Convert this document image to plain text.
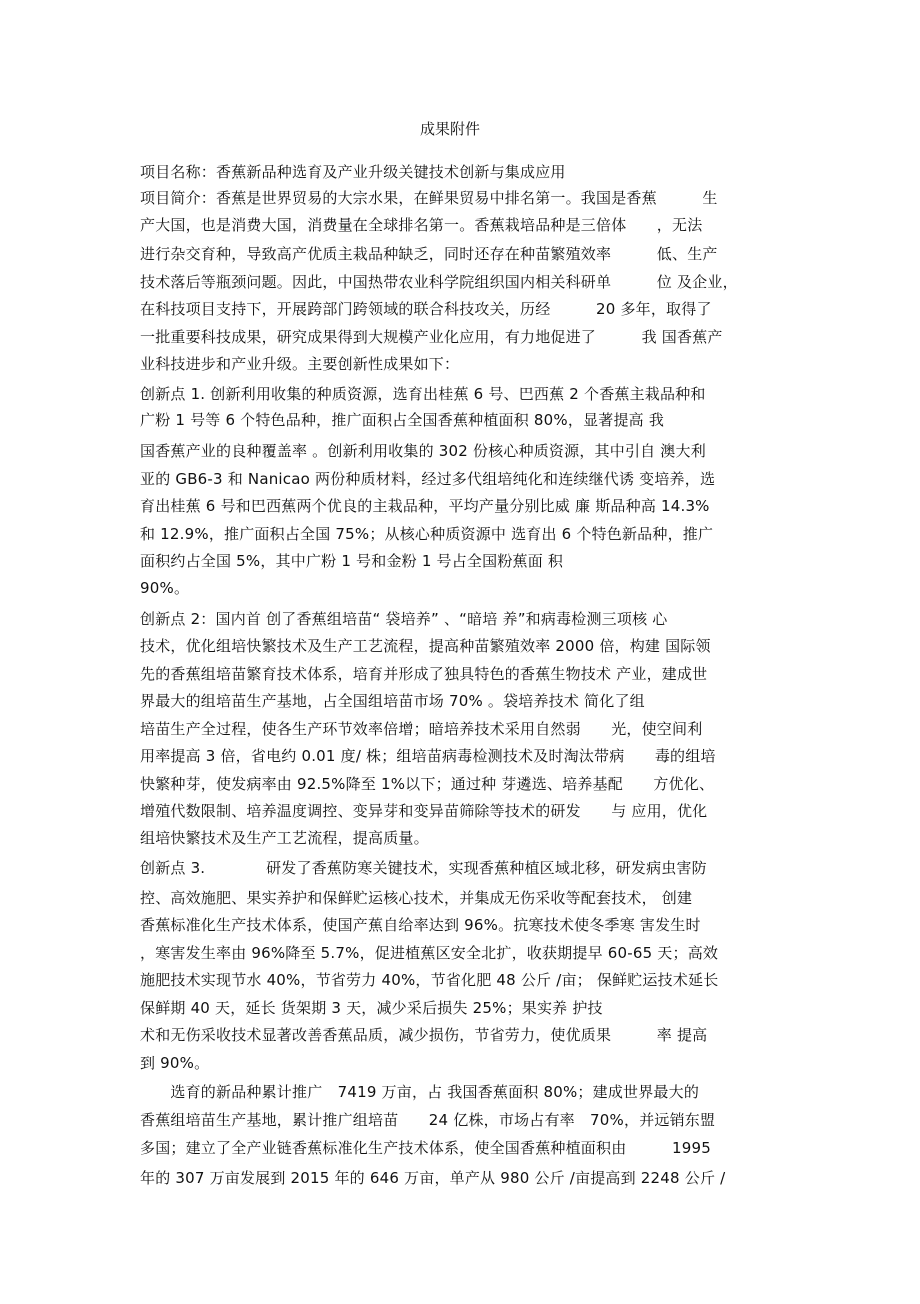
成果附件
项目名称：香蕉新品种选育及产业升级关键技术创新与集成应用
项目简介：香蕉是世界贸易的大宗水果，在鲜果贸易中排名第一。我国是香蕉　　　生
产大国，也是消费大国，消费量在全球排名第一。香蕉栽培品种是三倍体　　，无法
进行杂交育种，导致高产优质主栽品种缺乏，同时还存在种苗繁殖效率　　　低、生产
技术落后等瓶颈问题。因此，中国热带农业科学院组织国内相关科研单　　　位 及企业，
在科技项目支持下，开展跨部门跨领域的联合科技攻关，历经　　　20 多年，取得了
一批重要科技成果，研究成果得到大规模产业化应用，有力地促进了　　　我 国香蕉产
业科技进步和产业升级。主要创新性成果如下：
创新点 1. 创新利用收集的种质资源，选育出桂蕉 6 号、巴西蕉 2 个香蕉主栽品种和
广粉 1 号等 6 个特色品种，推广面积占全国香蕉种植面积 80%，显著提高 我
国香蕉产业的良种覆盖率 。创新利用收集的 302 份核心种质资源，其中引自 澳大利
亚的 GB6-3 和 Nanicao 两份种质材料，经过多代组培纯化和连续继代诱 变培养，选
育出桂蕉 6 号和巴西蕉两个优良的主栽品种，平均产量分别比威 廉 斯品种高 14.3%
和 12.9%，推广面积占全国 75%；从核心种质资源中 选育出 6 个特色新品种，推广
面积约占全国 5%，其中广粉 1 号和金粉 1 号占全国粉蕉面 积
90%。
创新点 2：国内首 创了香蕉组培苗“ 袋培养” 、“暗培 养”和病毒检测三项核 心
技术，优化组培快繁技术及生产工艺流程，提高种苗繁殖效率 2000 倍，构建 国际领
先的香蕉组培苗繁育技术体系，培育并形成了独具特色的香蕉生物技术 产业，建成世
界最大的组培苗生产基地，占全国组培苗市场 70% 。袋培养技术 简化了组
培苗生产全过程，使各生产环节效率倍增；暗培养技术采用自然弱　　光，使空间利
用率提高 3 倍，省电约 0.01 度/ 株；组培苗病毒检测技术及时淘汰带病　　毒的组培
快繁种芽，使发病率由 92.5%降至 1%以下；通过种 芽遴选、培养基配　　方优化、
增殖代数限制、培养温度调控、变异芽和变异苗筛除等技术的研发　　与 应用，优化
组培快繁技术及生产工艺流程，提高质量。
创新点 3.　　　　研发了香蕉防寒关键技术，实现香蕉种植区域北移，研发病虫害防
控、高效施肥、果实养护和保鲜贮运核心技术，并集成无伤采收等配套技术， 创建
香蕉标准化生产技术体系，使国产蕉自给率达到 96%。抗寒技术使冬季寒 害发生时
，寒害发生率由 96%降至 5.7%，促进植蕉区安全北扩，收获期提早 60-65 天；高效
施肥技术实现节水 40%，节省劳力 40%，节省化肥 48 公斤 /亩； 保鲜贮运技术延长
保鲜期 40 天，延长 货架期 3 天，减少采后损失 25%；果实养 护技
术和无伤采收技术显著改善香蕉品质，减少损伤，节省劳力，使优质果　　　率 提高
到 90%。
　　选育的新品种累计推广　7419 万亩，占 我国香蕉面积 80%；建成世界最大的
香蕉组培苗生产基地，累计推广组培苗　　24 亿株，市场占有率　70%，并远销东盟
多国；建立了全产业链香蕉标准化生产技术体系，使全国香蕉种植面积由　　　1995
年的 307 万亩发展到 2015 年的 646 万亩，单产从 980 公斤 /亩提高到 2248 公斤 /
